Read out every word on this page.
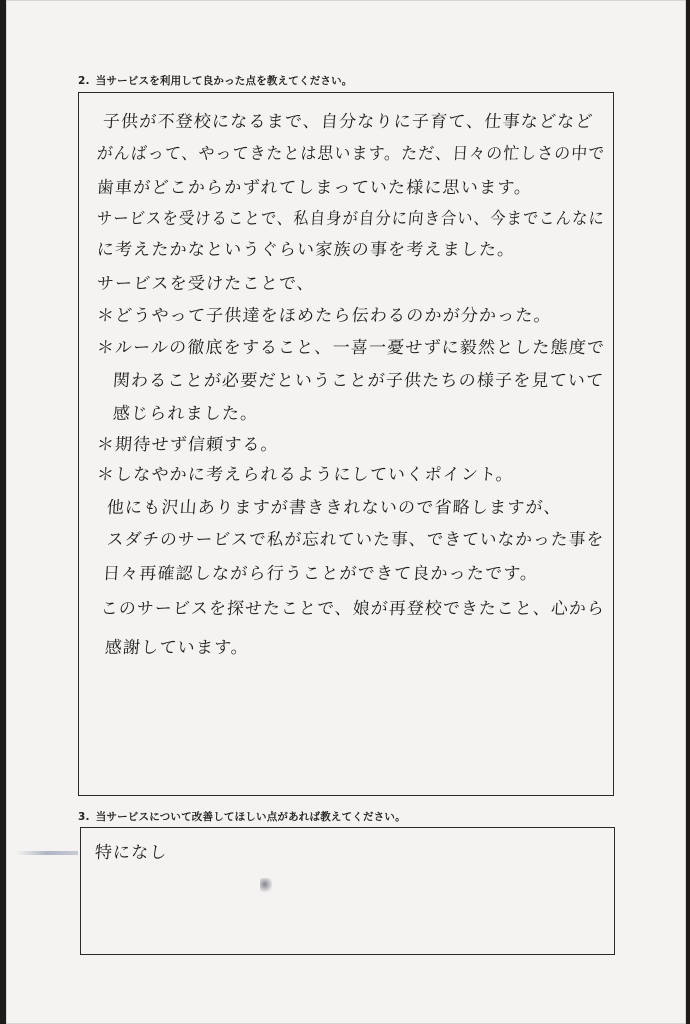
2. 当サービスを利用して良かった点を教えてください。
子供が不登校になるまで、自分なりに子育て、仕事などなど
がんばって、やってきたとは思います。ただ、日々の忙しさの中で
歯車がどこからかずれてしまっていた様に思います。
サービスを受けることで、私自身が自分に向き合い、今までこんなに
に考えたかなというぐらい家族の事を考えました。
サービスを受けたことで、
＊どうやって子供達をほめたら伝わるのかが分かった。
＊ルールの徹底をすること、一喜一憂せずに毅然とした態度で
関わることが必要だということが子供たちの様子を見ていて
感じられました。
＊期待せず信頼する。
＊しなやかに考えられるようにしていくポイント。
他にも沢山ありますが書ききれないので省略しますが、
スダチのサービスで私が忘れていた事、できていなかった事を
日々再確認しながら行うことができて良かったです。
このサービスを探せたことで、娘が再登校できたこと、心から
感謝しています。
3. 当サービスについて改善してほしい点があれば教えてください。
特になし
